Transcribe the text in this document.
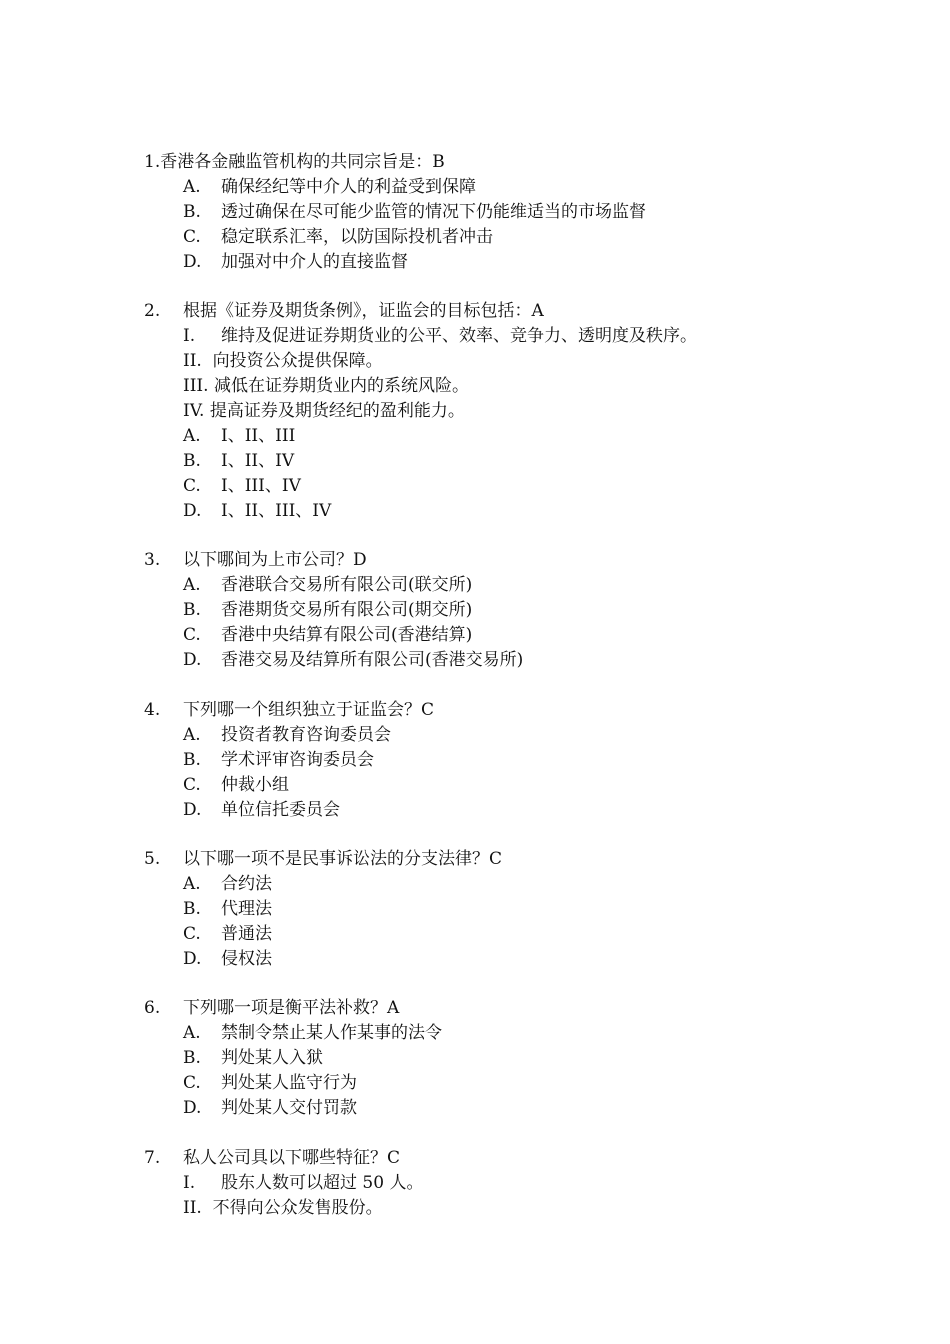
1.香港各金融监管机构的共同宗旨是：B
A. 确保经纪等中介人的利益受到保障
B. 透过确保在尽可能少监管的情况下仍能维适当的市场监督
C. 稳定联系汇率，以防国际投机者冲击
D. 加强对中介人的直接监督
2. 根据《证券及期货条例》，证监会的目标包括：A
I. 维持及促进证券期货业的公平、效率、竞争力、透明度及秩序。
II. 向投资公众提供保障。
III. 减低在证券期货业内的系统风险。
IV. 提高证券及期货经纪的盈利能力。
A. I、II、III
B. I、II、IV
C. I、III、IV
D. I、II、III、IV
3. 以下哪间为上市公司？D
A. 香港联合交易所有限公司(联交所)
B. 香港期货交易所有限公司(期交所)
C. 香港中央结算有限公司(香港结算)
D. 香港交易及结算所有限公司(香港交易所)
4. 下列哪一个组织独立于证监会？C
A. 投资者教育咨询委员会
B. 学术评审咨询委员会
C. 仲裁小组
D. 单位信托委员会
5. 以下哪一项不是民事诉讼法的分支法律？C
A. 合约法
B. 代理法
C. 普通法
D. 侵权法
6. 下列哪一项是衡平法补救？A
A. 禁制令禁止某人作某事的法令
B. 判处某人入狱
C. 判处某人监守行为
D. 判处某人交付罚款
7. 私人公司具以下哪些特征？C
I. 股东人数可以超过 50 人。
II. 不得向公众发售股份。
